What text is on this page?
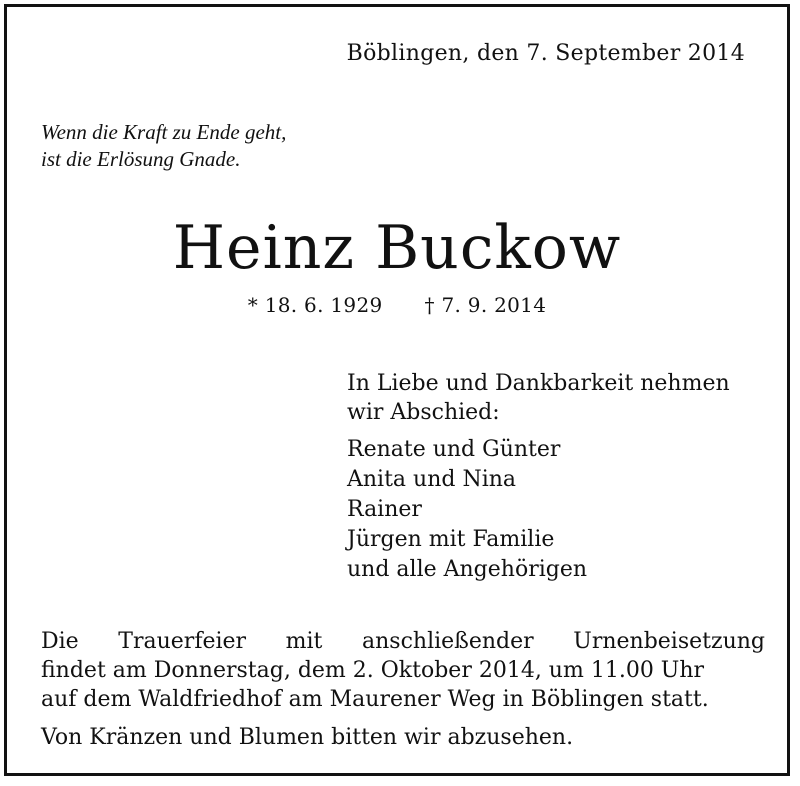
Böblingen, den 7. September 2014
Wenn die Kraft zu Ende geht,
ist die Erlösung Gnade.
Heinz Buckow
* 18. 6. 1929 † 7. 9. 2014
In Liebe und Dankbarkeit nehmen
wir Abschied:
Renate und Günter
Anita und Nina
Rainer
Jürgen mit Familie
und alle Angehörigen
Die Trauerfeier mit anschließender Urnenbeisetzung
findet am Donnerstag, dem 2. Oktober 2014, um 11.00 Uhr
auf dem Waldfriedhof am Maurener Weg in Böblingen statt.
Von Kränzen und Blumen bitten wir abzusehen.
